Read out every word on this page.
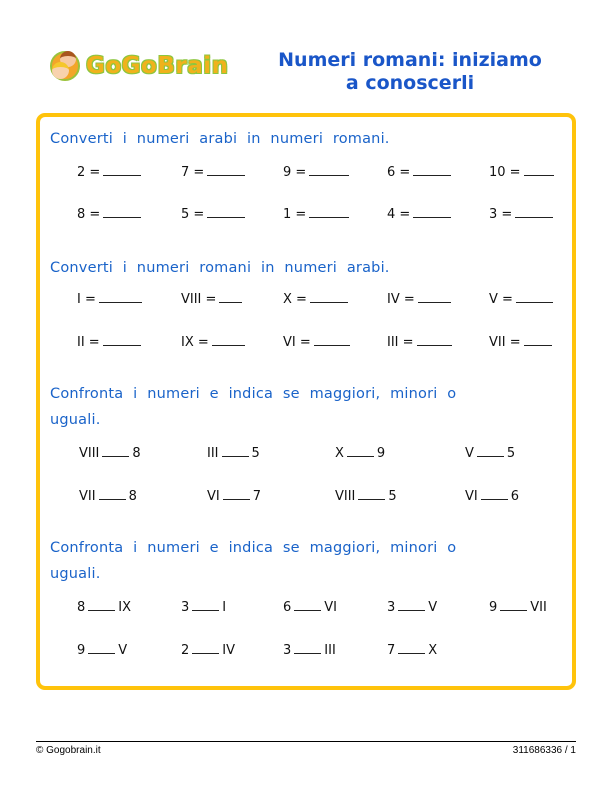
GoGoBrain	Numeri romani: iniziamo
a conoscerli
Converti i numeri arabi in numeri romani.
2 =	7 =	9 =	6 =	10 =
8 =	5 =	1 =	4 =	3 =
Converti i numeri romani in numeri arabi.
I =	VIII =	X =	IV =	V =
II =	IX =	VI =	III =	VII =
Confronta i numeri e indica se maggiori, minori o
uguali.
VIII	8	III	5	X	9	V	5
VII	8	VI	7	VIII	5	VI	6
Confronta i numeri e indica se maggiori, minori o
uguali.
8	IX	3	I	6	VI	3	V	9	VII
9	V	2	IV	3	III	7	X
© Gogobrain.it	311686336 / 1
